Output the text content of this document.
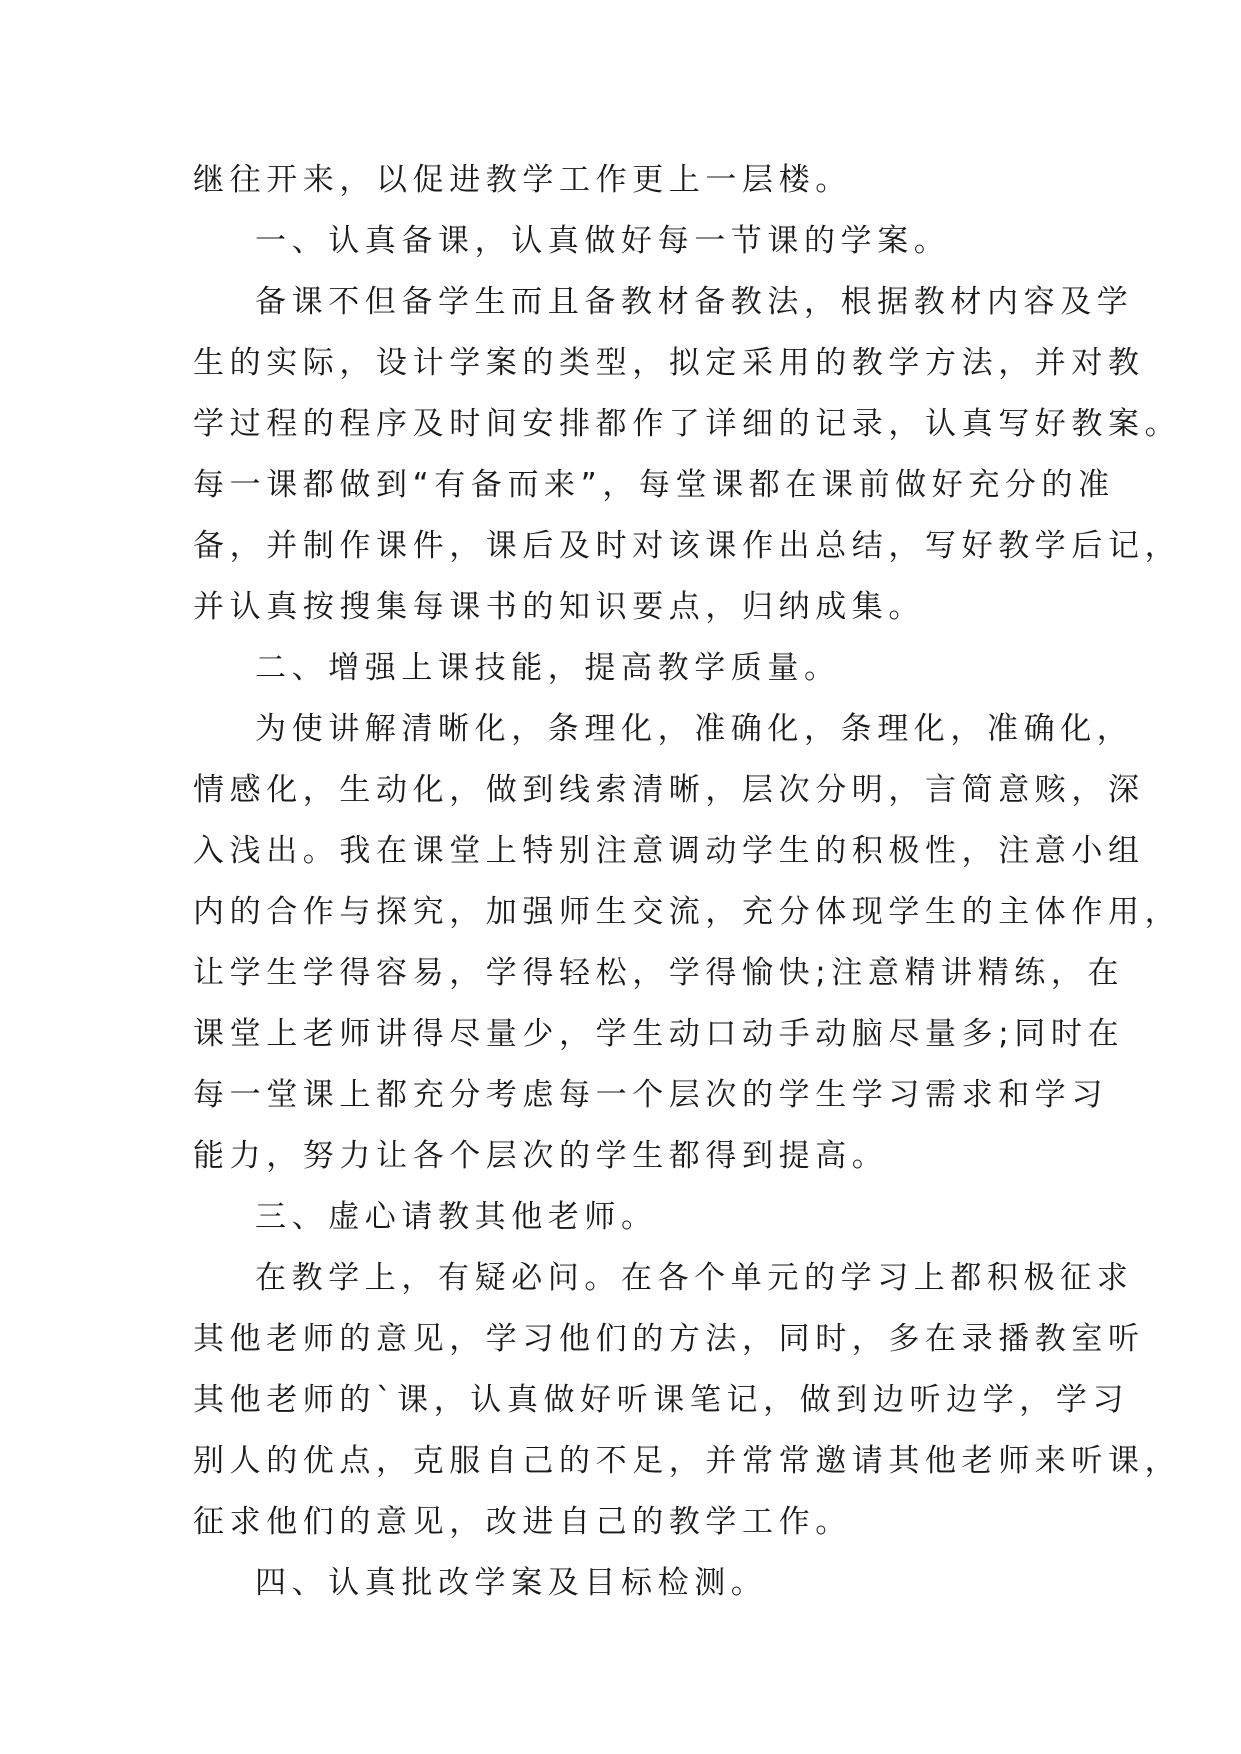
继往开来，以促进教学工作更上一层楼。
一、认真备课，认真做好每一节课的学案。
备课不但备学生而且备教材备教法，根据教材内容及学
生的实际，设计学案的类型，拟定采用的教学方法，并对教
学过程的程序及时间安排都作了详细的记录，认真写好教案。
每一课都做到“有备而来”，每堂课都在课前做好充分的准
备，并制作课件，课后及时对该课作出总结，写好教学后记，
并认真按搜集每课书的知识要点，归纳成集。
二、增强上课技能，提高教学质量。
为使讲解清晰化，条理化，准确化，条理化，准确化，
情感化，生动化，做到线索清晰，层次分明，言简意赅，深
入浅出。我在课堂上特别注意调动学生的积极性，注意小组
内的合作与探究，加强师生交流，充分体现学生的主体作用，
让学生学得容易，学得轻松，学得愉快;注意精讲精练，在
课堂上老师讲得尽量少，学生动口动手动脑尽量多;同时在
每一堂课上都充分考虑每一个层次的学生学习需求和学习
能力，努力让各个层次的学生都得到提高。
三、虚心请教其他老师。
在教学上，有疑必问。在各个单元的学习上都积极征求
其他老师的意见，学习他们的方法，同时，多在录播教室听
其他老师的`课，认真做好听课笔记，做到边听边学，学习
别人的优点，克服自己的不足，并常常邀请其他老师来听课，
征求他们的意见，改进自己的教学工作。
四、认真批改学案及目标检测。
